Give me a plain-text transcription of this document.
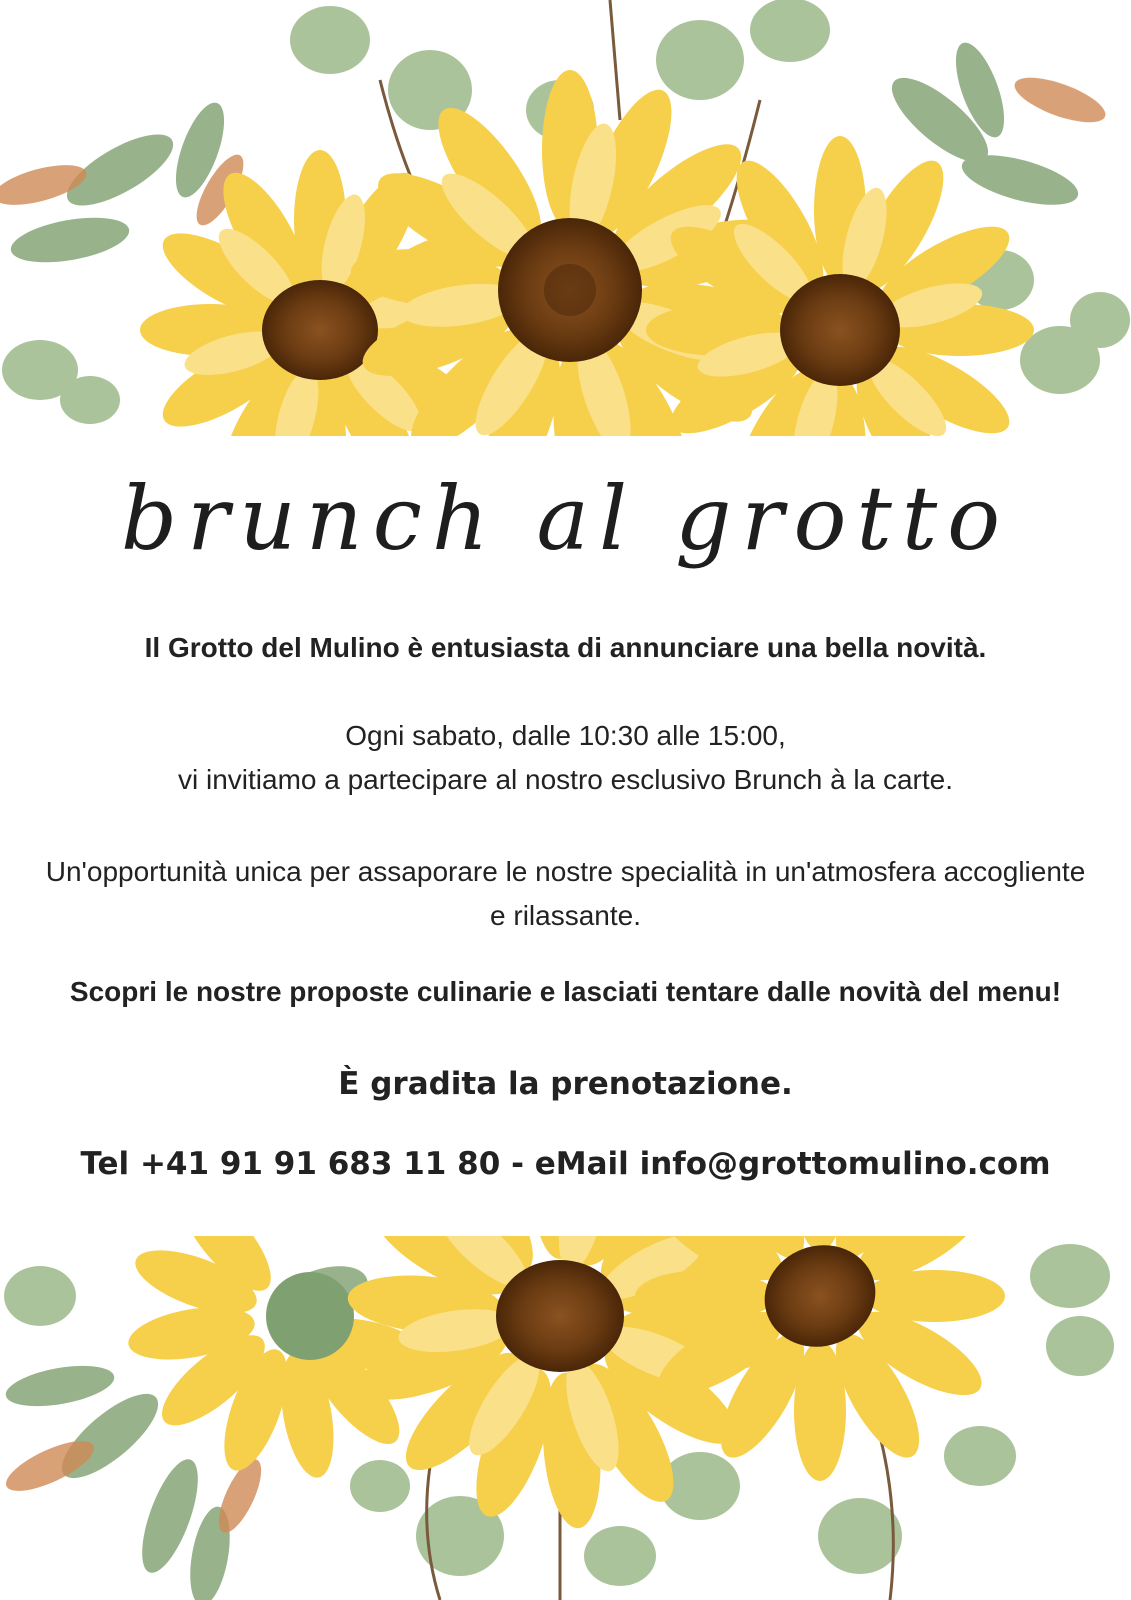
brunch al grotto

Il Grotto del Mulino è entusiasta di annunciare una bella novità.

Ogni sabato, dalle 10:30 alle 15:00,
vi invitiamo a partecipare al nostro esclusivo Brunch à la carte.

Un'opportunità unica per assaporare le nostre specialità in un'atmosfera accogliente e rilassante.

Scopri le nostre proposte culinarie e lasciati tentare dalle novità del menu!

È gradita la prenotazione.

Tel +41 91 91 683 11 80 - eMail info@grottomulino.com
